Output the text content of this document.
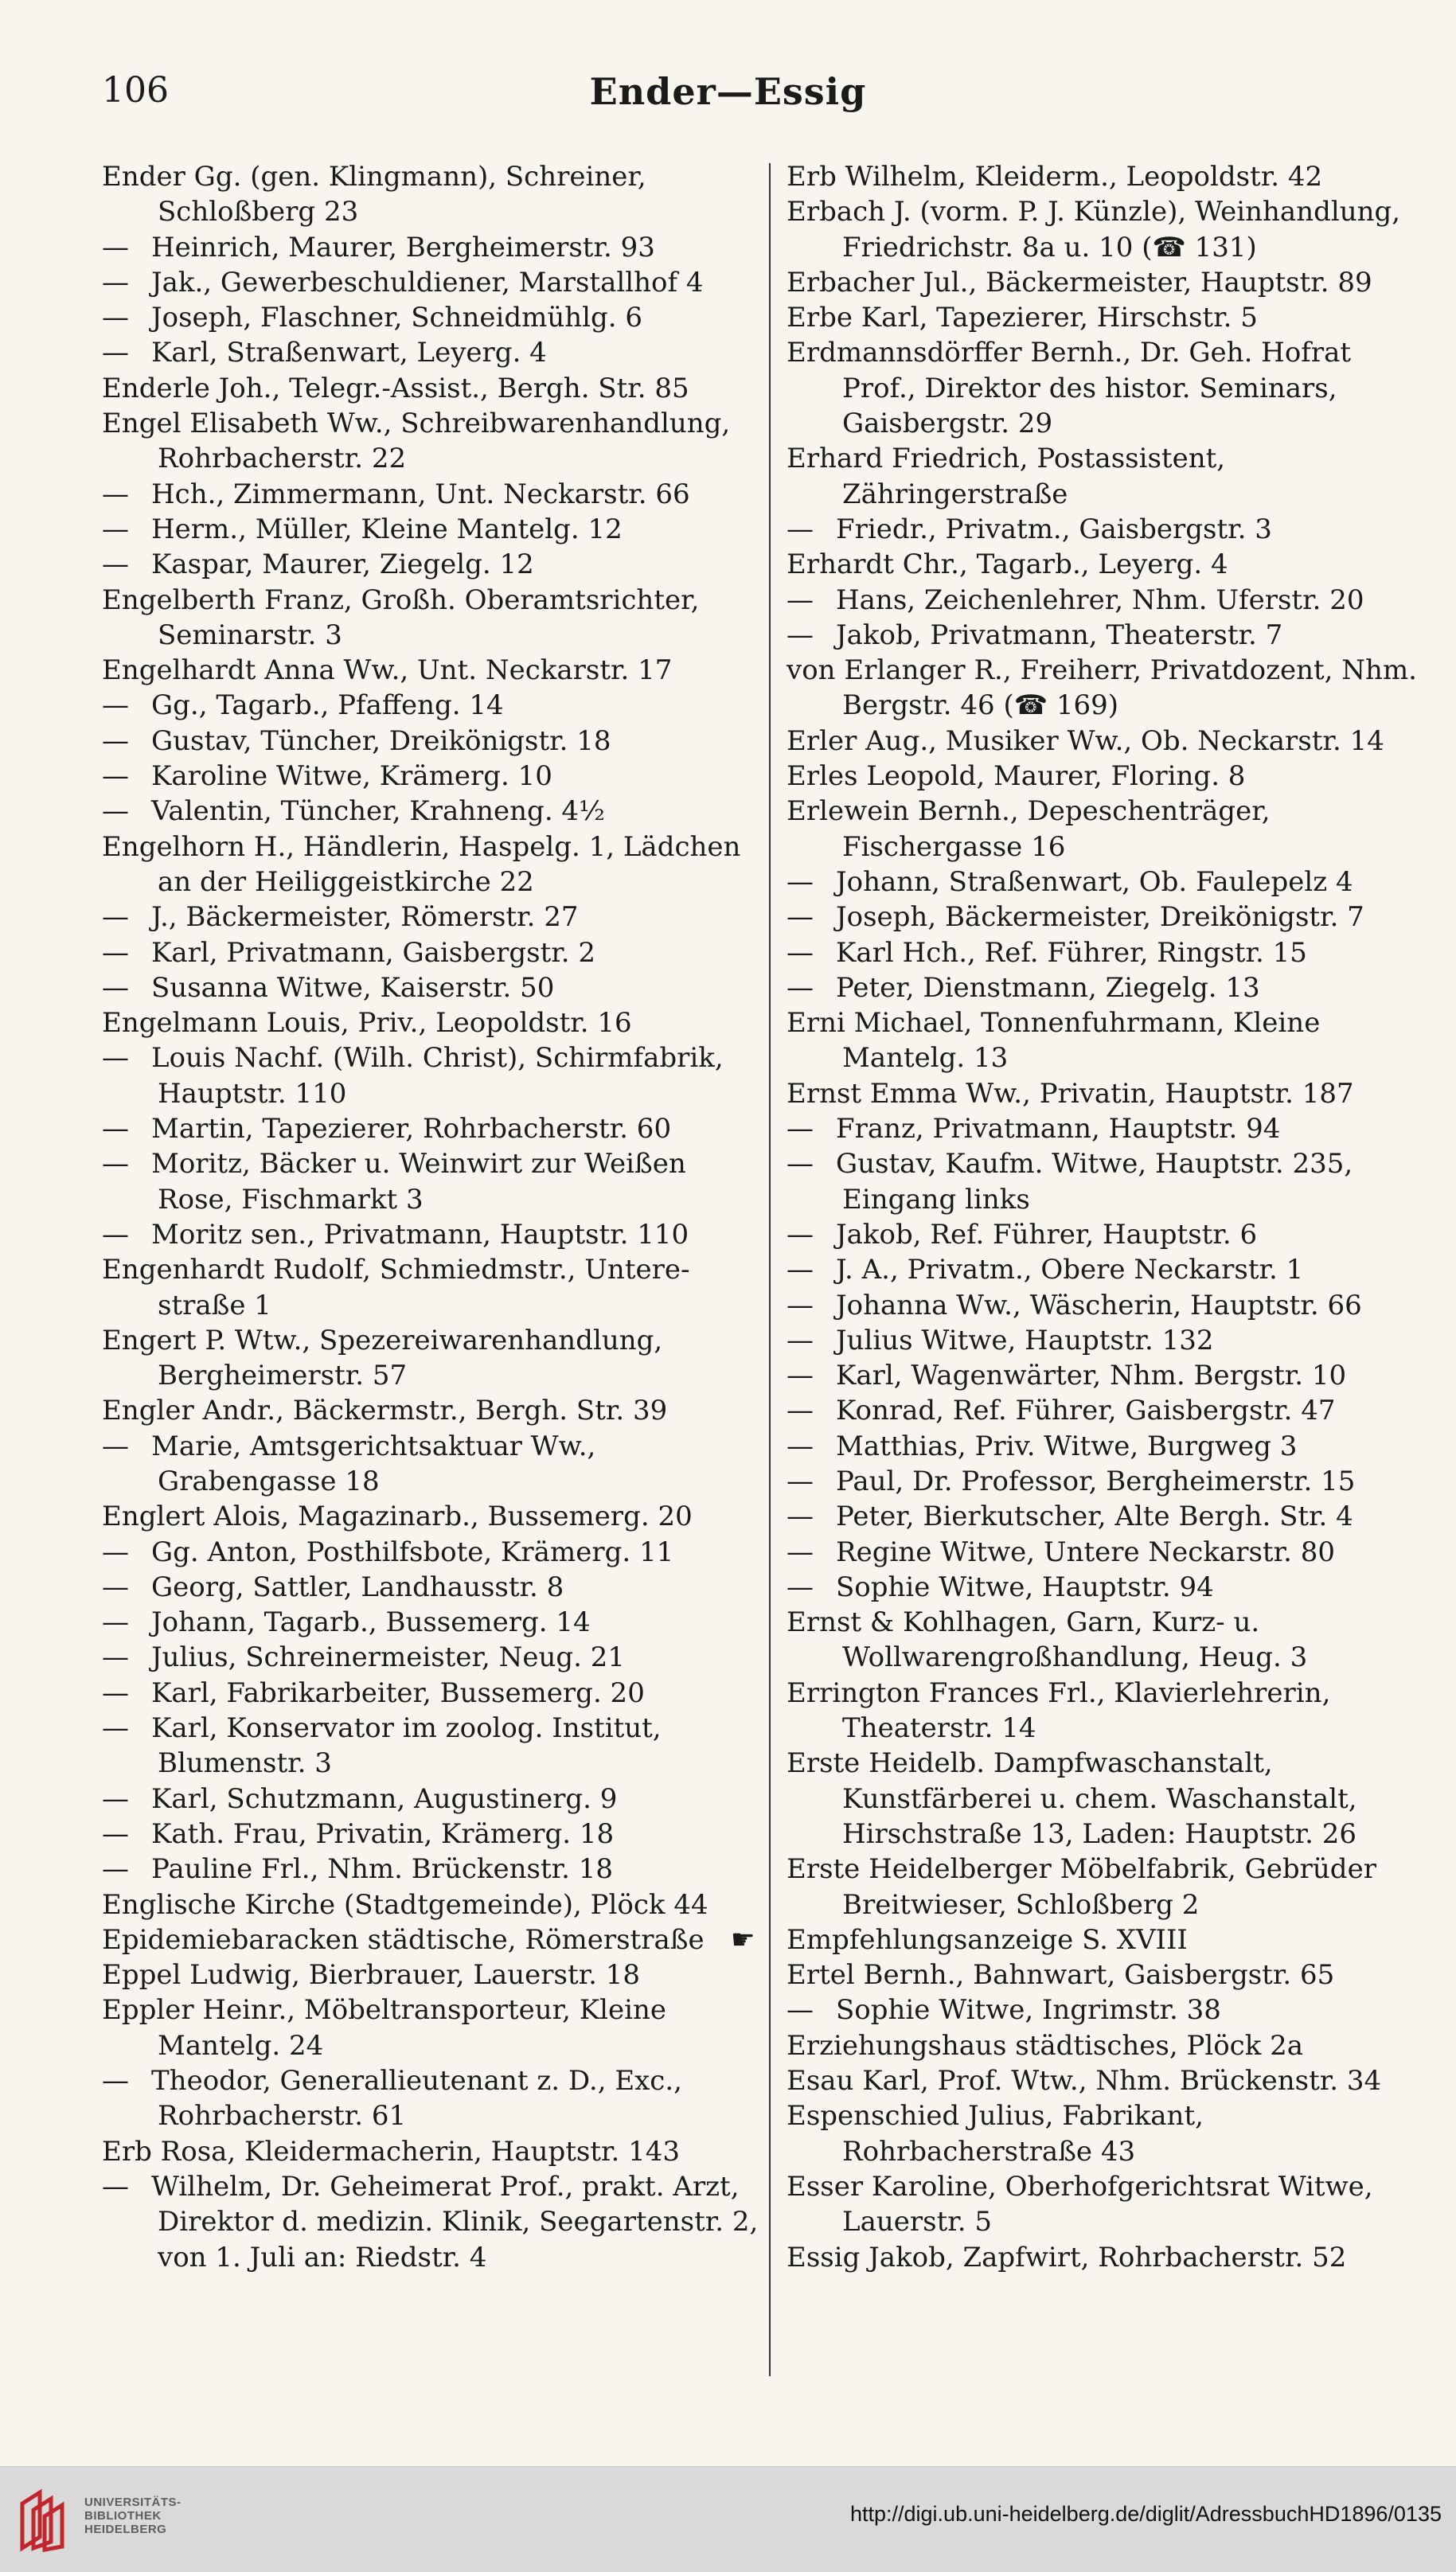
106	Ender—Essig

Ender Gg. (gen. Klingmann), Schreiner, Schloßberg 23

— Heinrich, Maurer, Bergheimerstr. 93

— Jak., Gewerbeschuldiener, Marstallhof 4

— Joseph, Flaschner, Schneidmühlg. 6

— Karl, Straßenwart, Leyerg. 4

Enderle Joh., Telegr.-Assist., Bergh. Str. 85

Engel Elisabeth Ww., Schreibwarenhandlung, Rohrbacherstr. 22

— Hch., Zimmermann, Unt. Neckarstr. 66

— Herm., Müller, Kleine Mantelg. 12

— Kaspar, Maurer, Ziegelg. 12

Engelberth Franz, Großh. Oberamtsrichter, Seminarstr. 3

Engelhardt Anna Ww., Unt. Neckarstr. 17

— Gg., Tagarb., Pfaffeng. 14

— Gustav, Tüncher, Dreikönigstr. 18

— Karoline Witwe, Krämerg. 10

— Valentin, Tüncher, Krahneng. 4½

Engelhorn H., Händlerin, Haspelg. 1, Lädchen an der Heiliggeistkirche 22

— J., Bäckermeister, Römerstr. 27

— Karl, Privatmann, Gaisbergstr. 2

— Susanna Witwe, Kaiserstr. 50

Engelmann Louis, Priv., Leopoldstr. 16

— Louis Nachf. (Wilh. Christ), Schirmfabrik, Hauptstr. 110

— Martin, Tapezierer, Rohrbacherstr. 60

— Moritz, Bäcker u. Weinwirt zur Weißen Rose, Fischmarkt 3

— Moritz sen., Privatmann, Hauptstr. 110

Engenhardt Rudolf, Schmiedmstr., Untere-straße 1

Engert P. Wtw., Spezereiwarenhandlung, Bergheimerstr. 57

Engler Andr., Bäckermstr., Bergh. Str. 39

— Marie, Amtsgerichtsaktuar Ww., Grabengasse 18

Englert Alois, Magazinarb., Bussemerg. 20

— Gg. Anton, Posthilfsbote, Krämerg. 11

— Georg, Sattler, Landhausstr. 8

— Johann, Tagarb., Bussemerg. 14

— Julius, Schreinermeister, Neug. 21

— Karl, Fabrikarbeiter, Bussemerg. 20

— Karl, Konservator im zoolog. Institut, Blumenstr. 3

— Karl, Schutzmann, Augustinerg. 9

— Kath. Frau, Privatin, Krämerg. 18

— Pauline Frl., Nhm. Brückenstr. 18

Englische Kirche (Stadtgemeinde), Plöck 44

Epidemiebaracken städtische, Römerstraße

Eppel Ludwig, Bierbrauer, Lauerstr. 18

Eppler Heinr., Möbeltransporteur, Kleine Mantelg. 24

— Theodor, Generallieutenant z. D., Exc., Rohrbacherstr. 61

Erb Rosa, Kleidermacherin, Hauptstr. 143

— Wilhelm, Dr. Geheimerat Prof., prakt. Arzt, Direktor d. medizin. Klinik, Seegartenstr. 2, von 1. Juli an: Riedstr. 4

Erb Wilhelm, Kleiderm., Leopoldstr. 42

Erbach J. (vorm. P. J. Künzle), Weinhandlung, Friedrichstr. 8a u. 10 (☎ 131)

Erbacher Jul., Bäckermeister, Hauptstr. 89

Erbe Karl, Tapezierer, Hirschstr. 5

Erdmannsdörffer Bernh., Dr. Geh. Hofrat Prof., Direktor des histor. Seminars, Gaisbergstr. 29

Erhard Friedrich, Postassistent, Zähringerstraße

— Friedr., Privatm., Gaisbergstr. 3

Erhardt Chr., Tagarb., Leyerg. 4

— Hans, Zeichenlehrer, Nhm. Uferstr. 20

— Jakob, Privatmann, Theaterstr. 7

von Erlanger R., Freiherr, Privatdozent, Nhm. Bergstr. 46 (☎ 169)

Erler Aug., Musiker Ww., Ob. Neckarstr. 14

Erles Leopold, Maurer, Floring. 8

Erlewein Bernh., Depeschenträger, Fischergasse 16

— Johann, Straßenwart, Ob. Faulepelz 4

— Joseph, Bäckermeister, Dreikönigstr. 7

— Karl Hch., Ref. Führer, Ringstr. 15

— Peter, Dienstmann, Ziegelg. 13

Erni Michael, Tonnenfuhrmann, Kleine Mantelg. 13

Ernst Emma Ww., Privatin, Hauptstr. 187

— Franz, Privatmann, Hauptstr. 94

— Gustav, Kaufm. Witwe, Hauptstr. 235, Eingang links

— Jakob, Ref. Führer, Hauptstr. 6

— J. A., Privatm., Obere Neckarstr. 1

— Johanna Ww., Wäscherin, Hauptstr. 66

— Julius Witwe, Hauptstr. 132

— Karl, Wagenwärter, Nhm. Bergstr. 10

— Konrad, Ref. Führer, Gaisbergstr. 47

— Matthias, Priv. Witwe, Burgweg 3

— Paul, Dr. Professor, Bergheimerstr. 15

— Peter, Bierkutscher, Alte Bergh. Str. 4

— Regine Witwe, Untere Neckarstr. 80

— Sophie Witwe, Hauptstr. 94

Ernst & Kohlhagen, Garn, Kurz- u. Wollwarengroßhandlung, Heug. 3

Errington Frances Frl., Klavierlehrerin, Theaterstr. 14

Erste Heidelb. Dampfwaschanstalt, Kunstfärberei u. chem. Waschanstalt, Hirschstraße 13, Laden: Hauptstr. 26

Erste Heidelberger Möbelfabrik, Gebrüder Breitwieser, Schloßberg 2

☛Empfehlungsanzeige S. XVIII

Ertel Bernh., Bahnwart, Gaisbergstr. 65

— Sophie Witwe, Ingrimstr. 38

Erziehungshaus städtisches, Plöck 2a

Esau Karl, Prof. Wtw., Nhm. Brückenstr. 34

Espenschied Julius, Fabrikant, Rohrbacherstraße 43

Esser Karoline, Oberhofgerichtsrat Witwe, Lauerstr. 5

Essig Jakob, Zapfwirt, Rohrbacherstr. 52

UNIVERSITÄTS-
BIBLIOTHEK
HEIDELBERG
http://digi.ub.uni-heidelberg.de/diglit/AdressbuchHD1896/0135
